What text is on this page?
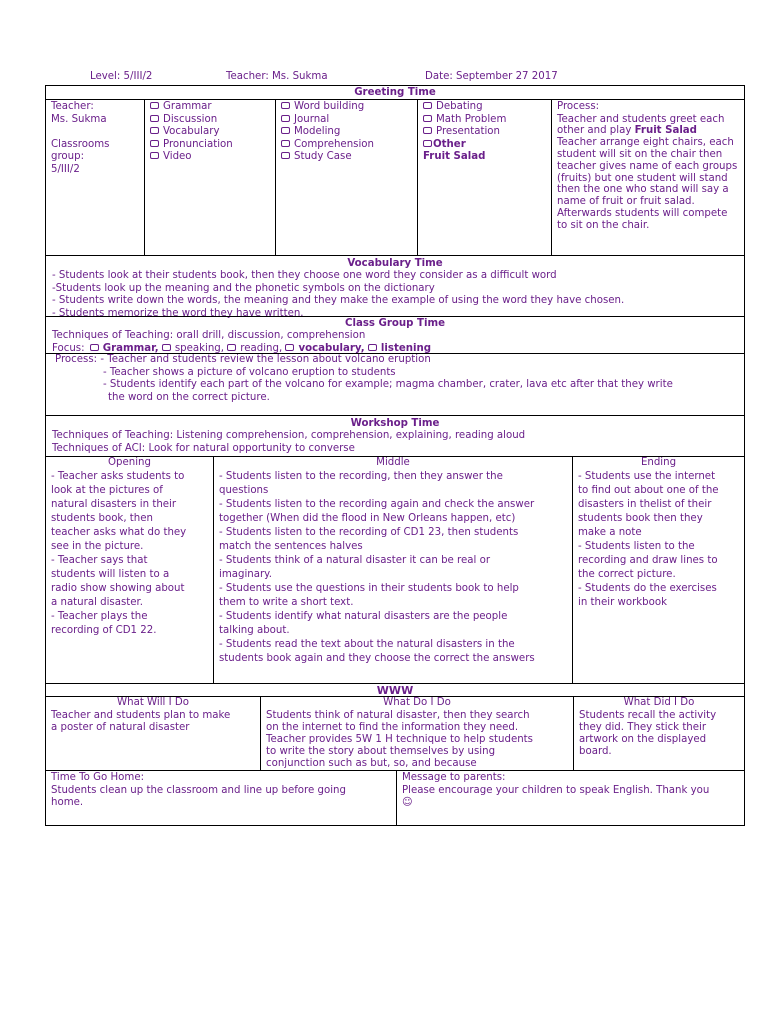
Level: 5/III/2	Teacher: Ms. Sukma	Date: September 27 2017
Greeting Time
Teacher:
Ms. Sukma
Classrooms
group:
5/III/2
Grammar
Discussion
Vocabulary
Pronunciation
Video
Word building
Journal
Modeling
Comprehension
Study Case
Debating
Math Problem
Presentation
Other
Fruit Salad
Process:
Teacher and students greet each other and play Fruit Salad Teacher arrange eight chairs, each student will sit on the chair then teacher gives name of each groups (fruits) but one student will stand then the one who stand will say a name of fruit or fruit salad. Afterwards students will compete to sit on the chair.
Vocabulary Time
- Students look at their students book, then they choose one word they consider as a difficult word
-Students look up the meaning and the phonetic symbols on the dictionary
- Students write down the words, the meaning and they make the example of using the word they have chosen.
- Students memorize the word they have written.
Class Group Time
Techniques of Teaching: orall drill, discussion, comprehension
Focus: Grammar, speaking, reading, vocabulary, listening
Process: - Teacher and students review the lesson about volcano eruption
- Teacher shows a picture of volcano eruption to students
- Students identify each part of the volcano for example; magma chamber, crater, lava etc after that they write
the word on the correct picture.
Workshop Time
Techniques of Teaching: Listening comprehension, comprehension, explaining, reading aloud
Techniques of ACI: Look for natural opportunity to converse
Opening
- Teacher asks students to
look at the pictures of
natural disasters in their
students book, then
teacher asks what do they
see in the picture.
- Teacher says that
students will listen to a
radio show showing about
a natural disaster.
- Teacher plays the
recording of CD1 22.
Middle
- Students listen to the recording, then they answer the
questions
- Students listen to the recording again and check the answer
together (When did the flood in New Orleans happen, etc)
- Students listen to the recording of CD1 23, then students
match the sentences halves
- Students think of a natural disaster it can be real or
imaginary.
- Students use the questions in their students book to help
them to write a short text.
- Students identify what natural disasters are the people
talking about.
- Students read the text about the natural disasters in the
students book again and they choose the correct the answers
Ending
- Students use the internet
to find out about one of the
disasters in thelist of their
students book then they
make a note
- Students listen to the
recording and draw lines to
the correct picture.
- Students do the exercises
in their workbook
WWW
What Will I Do
Teacher and students plan to make
a poster of natural disaster
What Do I Do
Students think of natural disaster, then they search
on the internet to find the information they need.
Teacher provides 5W 1 H technique to help students
to write the story about themselves by using
conjunction such as but, so, and because
What Did I Do
Students recall the activity
they did. They stick their
artwork on the displayed
board.
Time To Go Home:
Students clean up the classroom and line up before going
home.
Message to parents:
Please encourage your children to speak English. Thank you
☺
